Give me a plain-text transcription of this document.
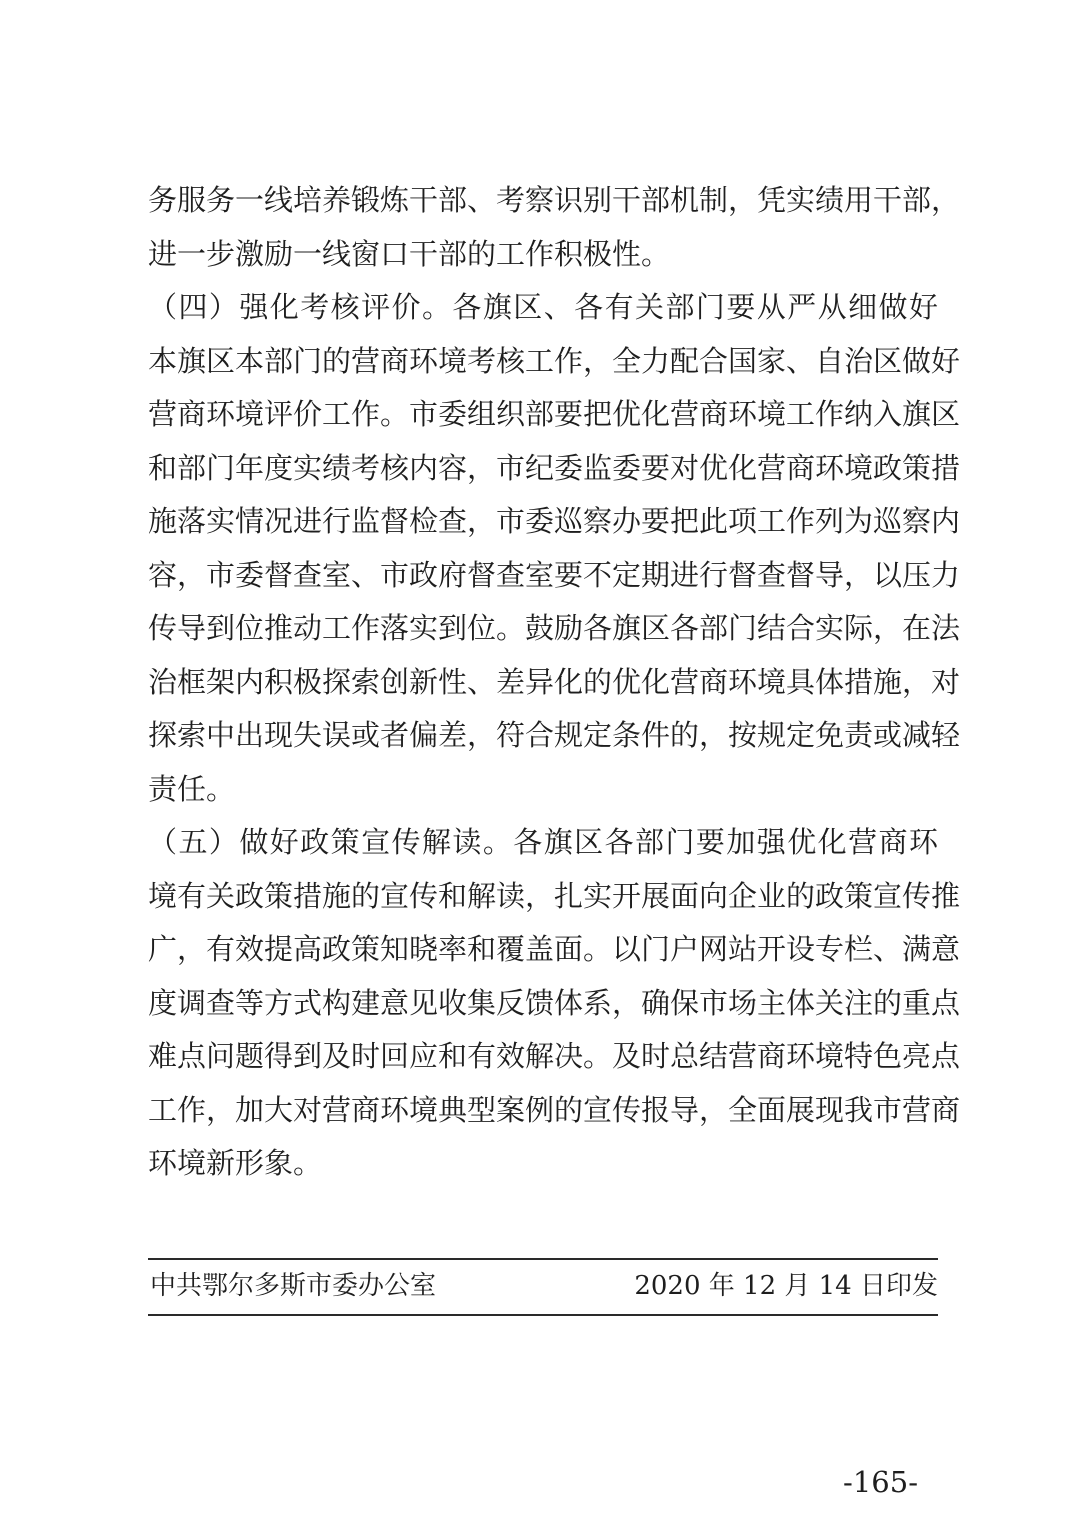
务服务一线培养锻炼干部、考察识别干部机制，凭实绩用干部，
进一步激励一线窗口干部的工作积极性。
（四）强化考核评价。各旗区、各有关部门要从严从细做好
本旗区本部门的营商环境考核工作，全力配合国家、自治区做好
营商环境评价工作。市委组织部要把优化营商环境工作纳入旗区
和部门年度实绩考核内容，市纪委监委要对优化营商环境政策措
施落实情况进行监督检查，市委巡察办要把此项工作列为巡察内
容，市委督查室、市政府督查室要不定期进行督查督导，以压力
传导到位推动工作落实到位。鼓励各旗区各部门结合实际，在法
治框架内积极探索创新性、差异化的优化营商环境具体措施，对
探索中出现失误或者偏差，符合规定条件的，按规定免责或减轻
责任。
（五）做好政策宣传解读。各旗区各部门要加强优化营商环
境有关政策措施的宣传和解读，扎实开展面向企业的政策宣传推
广，有效提高政策知晓率和覆盖面。以门户网站开设专栏、满意
度调查等方式构建意见收集反馈体系，确保市场主体关注的重点
难点问题得到及时回应和有效解决。及时总结营商环境特色亮点
工作，加大对营商环境典型案例的宣传报导，全面展现我市营商
环境新形象。
中共鄂尔多斯市委办公室	2020 年 12 月 14 日印发
-165-
